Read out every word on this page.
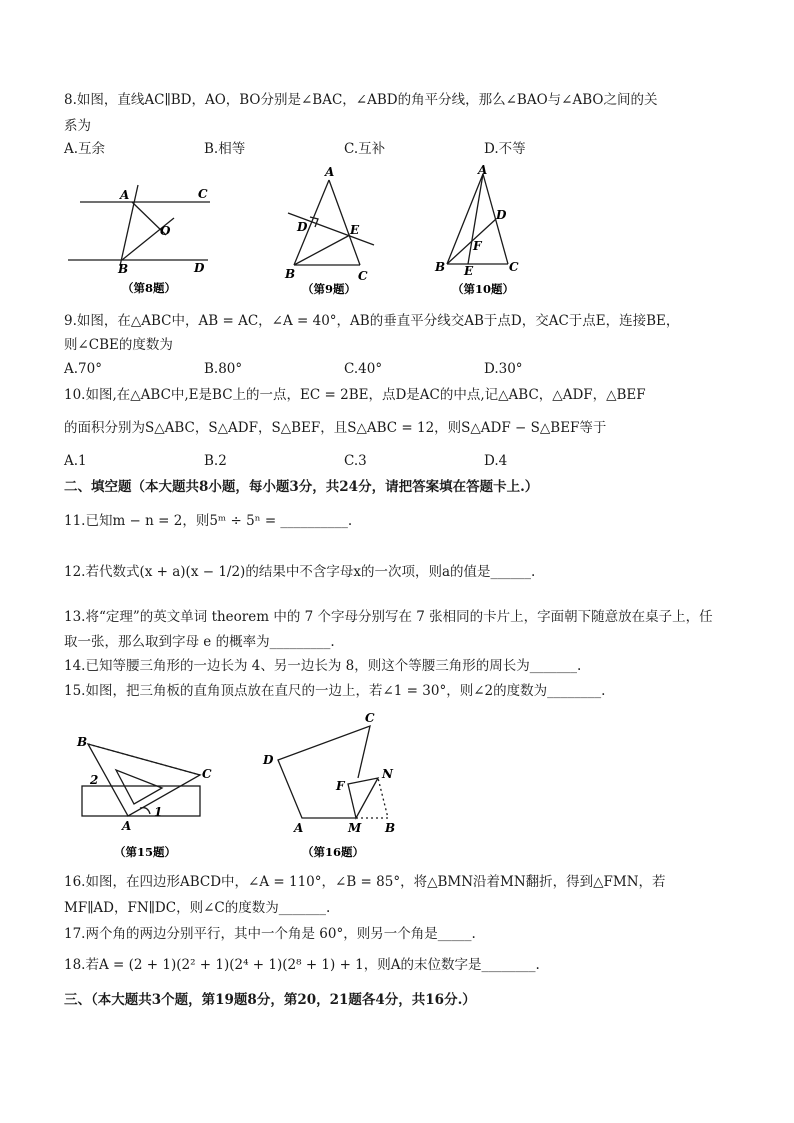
8.如图，直线AC∥BD，AO，BO分别是∠BAC，∠ABD的角平分线，那么∠BAO与∠ABO之间的关
系为
A.互余	B.相等	C.互补	D.不等
A	C
O
B	D
（第8题）
A
D	E
B	C
（第9题）
A
D
F
B E	C
（第10题）
9.如图，在△ABC中，AB = AC，∠A = 40°，AB的垂直平分线交AB于点D，交AC于点E，连接BE，
则∠CBE的度数为
A.70°	B.80°	C.40°	D.30°
10.如图,在△ABC中,E是BC上的一点，EC = 2BE，点D是AC的中点,记△ABC，△ADF，△BEF
的面积分别为S△ABC，S△ADF，S△BEF，且S△ABC = 12，则S△ADF − S△BEF等于
A.1	B.2	C.3	D.4
二、填空题（本大题共8小题，每小题3分，共24分，请把答案填在答题卡上.）
11.已知m − n = 2，则5ᵐ ÷ 5ⁿ = __________.
12.若代数式(x + a)(x − 1/2)的结果中不含字母x的一次项，则a的值是______.
13.将“定理”的英文单词 theorem 中的 7 个字母分别写在 7 张相同的卡片上，字面朝下随意放在桌子上，任
取一张，那么取到字母 e 的概率为_________.
14.已知等腰三角形的一边长为 4、另一边长为 8，则这个等腰三角形的周长为_______.
15.如图，把三角板的直角顶点放在直尺的一边上，若∠1 = 30°，则∠2的度数为________.
B
2	C
1
A
（第15题）
C
D
F
N
A	M B
（第16题）
16.如图，在四边形ABCD中，∠A = 110°，∠B = 85°，将△BMN沿着MN翻折，得到△FMN，若
MF∥AD，FN∥DC，则∠C的度数为_______.
17.两个角的两边分别平行，其中一个角是 60°，则另一个角是_____.
18.若A = (2 + 1)(2² + 1)(2⁴ + 1)(2⁸ + 1) + 1，则A的末位数字是________.
三、（本大题共3个题，第19题8分，第20，21题各4分，共16分.）
